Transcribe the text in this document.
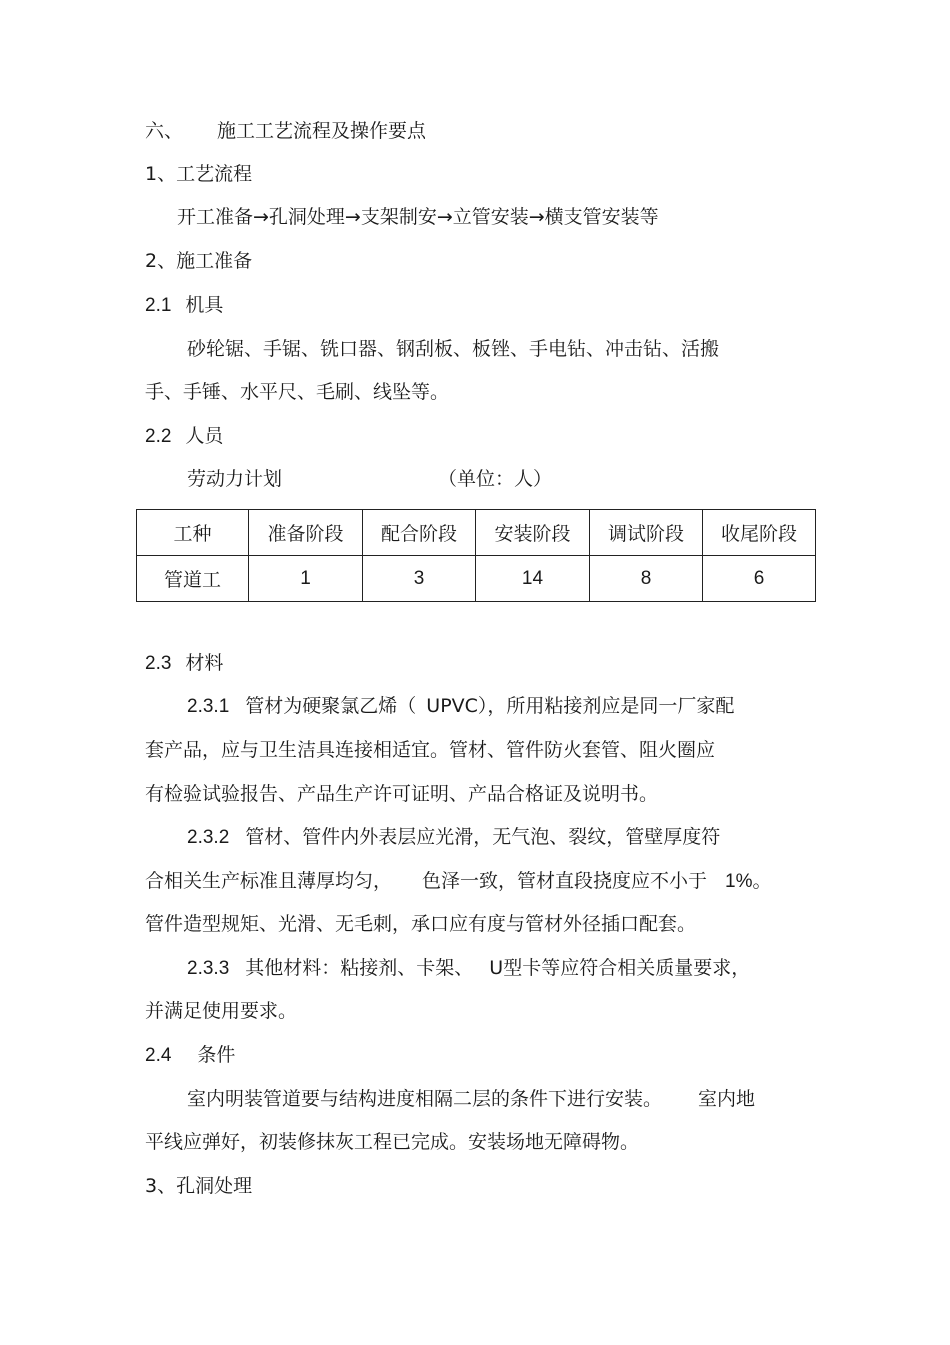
六、 施工工艺流程及操作要点
1、工艺流程
开工准备→孔洞处理→支架制安→立管安装→横支管安装等
2、施工准备
2.1 机具
砂轮锯、手锯、铣口器、钢刮板、板锉、手电钻、冲击钻、活搬
手、手锤、水平尺、毛刷、线坠等。
2.2 人员
劳动力计划	（单位：人）
工种	准备阶段	配合阶段	安装阶段	调试阶段	收尾阶段
管道工	1	3	14	8	6
2.3 材料
2.3.1 管材为硬聚氯乙烯（ UPVC），所用粘接剂应是同一厂家配
套产品，应与卫生洁具连接相适宜。管材、管件防火套管、阻火圈应
有检验试验报告、产品生产许可证明、产品合格证及说明书。
2.3.2 管材、管件内外表层应光滑，无气泡、裂纹，管壁厚度符
合相关生产标准且薄厚均匀， 色泽一致，管材直段挠度应不小于 1%。
管件造型规矩、光滑、无毛刺，承口应有度与管材外径插口配套。
2.3.3 其他材料：粘接剂、卡架、 U型卡等应符合相关质量要求，
并满足使用要求。
2.4 条件
室内明装管道要与结构进度相隔二层的条件下进行安装。 室内地
平线应弹好，初装修抹灰工程已完成。安装场地无障碍物。
3、孔洞处理
